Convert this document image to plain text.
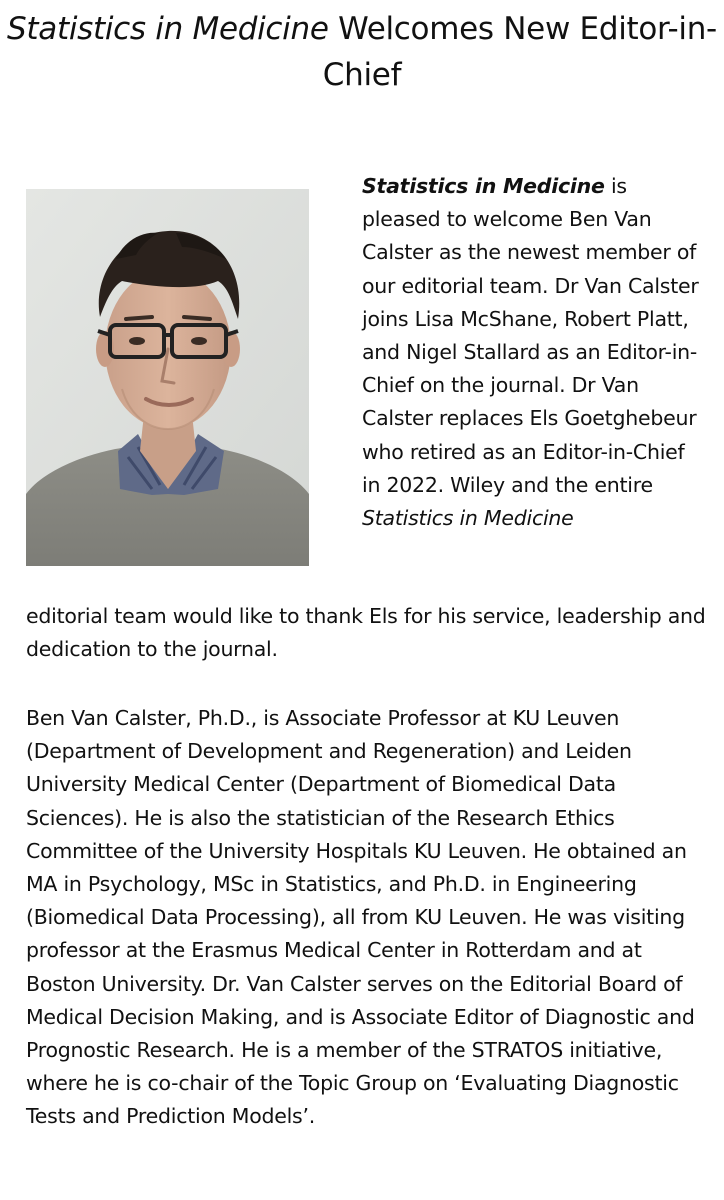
Statistics in Medicine Welcomes New Editor-in-Chief

Statistics in Medicine is pleased to welcome Ben Van Calster as the newest member of our editorial team. Dr Van Calster joins Lisa McShane, Robert Platt, and Nigel Stallard as an Editor-in-Chief on the journal. Dr Van Calster replaces Els Goetghebeur who retired as an Editor-in-Chief in 2022. Wiley and the entire Statistics in Medicine

editorial team would like to thank Els for his service, leadership and dedication to the journal.

Ben Van Calster, Ph.D., is Associate Professor at KU Leuven (Department of Development and Regeneration) and Leiden University Medical Center (Department of Biomedical Data Sciences). He is also the statistician of the Research Ethics Committee of the University Hospitals KU Leuven. He obtained an MA in Psychology, MSc in Statistics, and Ph.D. in Engineering (Biomedical Data Processing), all from KU Leuven. He was visiting professor at the Erasmus Medical Center in Rotterdam and at Boston University. Dr. Van Calster serves on the Editorial Board of Medical Decision Making, and is Associate Editor of Diagnostic and Prognostic Research. He is a member of the STRATOS initiative, where he is co-chair of the Topic Group on ‘Evaluating Diagnostic Tests and Prediction Models’.
